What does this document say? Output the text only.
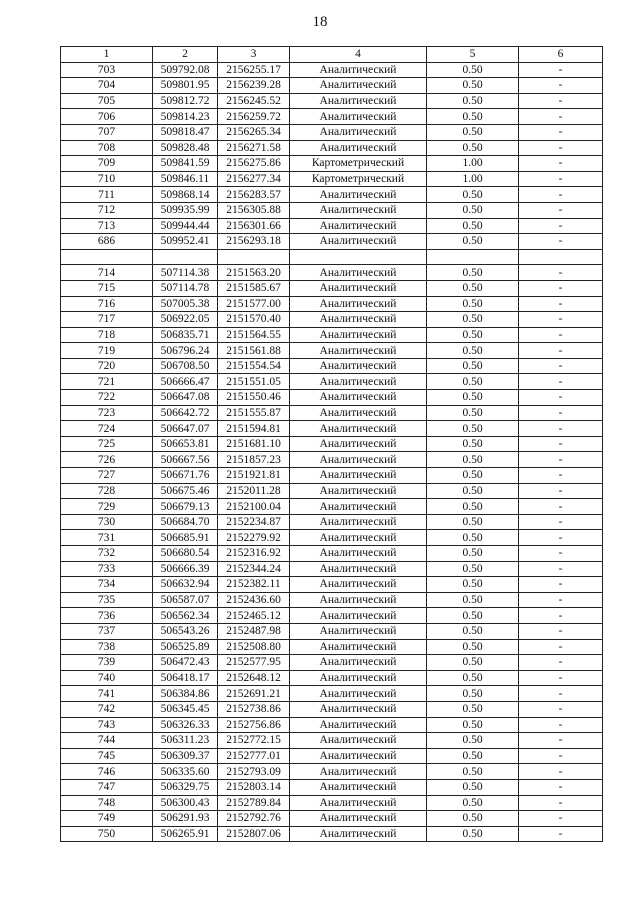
18
1	2	3	4	5	6
703	509792.08	2156255.17	Аналитический	0.50	-
704	509801.95	2156239.28	Аналитический	0.50	-
705	509812.72	2156245.52	Аналитический	0.50	-
706	509814.23	2156259.72	Аналитический	0.50	-
707	509818.47	2156265.34	Аналитический	0.50	-
708	509828.48	2156271.58	Аналитический	0.50	-
709	509841.59	2156275.86	Картометрический	1.00	-
710	509846.11	2156277.34	Картометрический	1.00	-
711	509868.14	2156283.57	Аналитический	0.50	-
712	509935.99	2156305.88	Аналитический	0.50	-
713	509944.44	2156301.66	Аналитический	0.50	-
686	509952.41	2156293.18	Аналитический	0.50	-

714	507114.38	2151563.20	Аналитический	0.50	-
715	507114.78	2151585.67	Аналитический	0.50	-
716	507005.38	2151577.00	Аналитический	0.50	-
717	506922.05	2151570.40	Аналитический	0.50	-
718	506835.71	2151564.55	Аналитический	0.50	-
719	506796.24	2151561.88	Аналитический	0.50	-
720	506708.50	2151554.54	Аналитический	0.50	-
721	506666.47	2151551.05	Аналитический	0.50	-
722	506647.08	2151550.46	Аналитический	0.50	-
723	506642.72	2151555.87	Аналитический	0.50	-
724	506647.07	2151594.81	Аналитический	0.50	-
725	506653.81	2151681.10	Аналитический	0.50	-
726	506667.56	2151857.23	Аналитический	0.50	-
727	506671.76	2151921.81	Аналитический	0.50	-
728	506675.46	2152011.28	Аналитический	0.50	-
729	506679.13	2152100.04	Аналитический	0.50	-
730	506684.70	2152234.87	Аналитический	0.50	-
731	506685.91	2152279.92	Аналитический	0.50	-
732	506680.54	2152316.92	Аналитический	0.50	-
733	506666.39	2152344.24	Аналитический	0.50	-
734	506632.94	2152382.11	Аналитический	0.50	-
735	506587.07	2152436.60	Аналитический	0.50	-
736	506562.34	2152465.12	Аналитический	0.50	-
737	506543.26	2152487.98	Аналитический	0.50	-
738	506525.89	2152508.80	Аналитический	0.50	-
739	506472.43	2152577.95	Аналитический	0.50	-
740	506418.17	2152648.12	Аналитический	0.50	-
741	506384.86	2152691.21	Аналитический	0.50	-
742	506345.45	2152738.86	Аналитический	0.50	-
743	506326.33	2152756.86	Аналитический	0.50	-
744	506311.23	2152772.15	Аналитический	0.50	-
745	506309.37	2152777.01	Аналитический	0.50	-
746	506335.60	2152793.09	Аналитический	0.50	-
747	506329.75	2152803.14	Аналитический	0.50	-
748	506300.43	2152789.84	Аналитический	0.50	-
749	506291.93	2152792.76	Аналитический	0.50	-
750	506265.91	2152807.06	Аналитический	0.50	-
